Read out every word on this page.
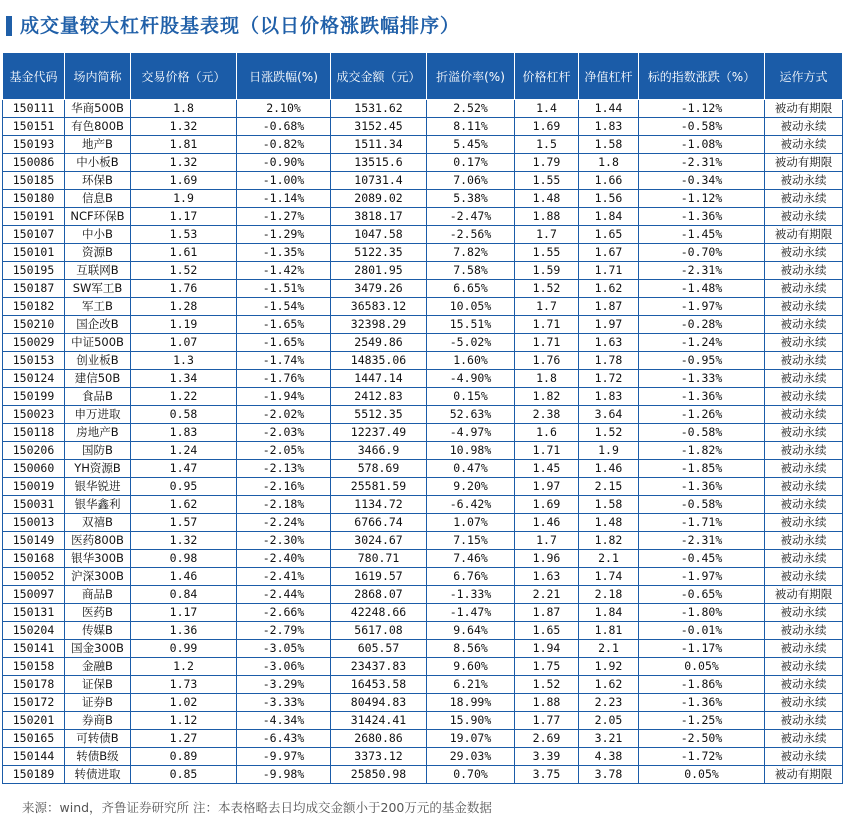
成交量较大杠杆股基表现（以日价格涨跌幅排序）
基金代码	场内简称	交易价格（元）	日涨跌幅(%)	成交金额（元）	折溢价率(%)	价格杠杆	净值杠杆	标的指数涨跌（%）	运作方式
150111	华商500B	1.8	2.10%	1531.62	2.52%	1.4	1.44	-1.12%	被动有期限
150151	有色800B	1.32	-0.68%	3152.45	8.11%	1.69	1.83	-0.58%	被动永续
150193	地产B	1.81	-0.82%	1511.34	5.45%	1.5	1.58	-1.08%	被动永续
150086	中小板B	1.32	-0.90%	13515.6	0.17%	1.79	1.8	-2.31%	被动有期限
150185	环保B	1.69	-1.00%	10731.4	7.06%	1.55	1.66	-0.34%	被动永续
150180	信息B	1.9	-1.14%	2089.02	5.38%	1.48	1.56	-1.12%	被动永续
150191	NCF环保B	1.17	-1.27%	3818.17	-2.47%	1.88	1.84	-1.36%	被动永续
150107	中小B	1.53	-1.29%	1047.58	-2.56%	1.7	1.65	-1.45%	被动有期限
150101	资源B	1.61	-1.35%	5122.35	7.82%	1.55	1.67	-0.70%	被动永续
150195	互联网B	1.52	-1.42%	2801.95	7.58%	1.59	1.71	-2.31%	被动永续
150187	SW军工B	1.76	-1.51%	3479.26	6.65%	1.52	1.62	-1.48%	被动永续
150182	军工B	1.28	-1.54%	36583.12	10.05%	1.7	1.87	-1.97%	被动永续
150210	国企改B	1.19	-1.65%	32398.29	15.51%	1.71	1.97	-0.28%	被动永续
150029	中证500B	1.07	-1.65%	2549.86	-5.02%	1.71	1.63	-1.24%	被动永续
150153	创业板B	1.3	-1.74%	14835.06	1.60%	1.76	1.78	-0.95%	被动永续
150124	建信50B	1.34	-1.76%	1447.14	-4.90%	1.8	1.72	-1.33%	被动永续
150199	食品B	1.22	-1.94%	2412.83	0.15%	1.82	1.83	-1.36%	被动永续
150023	申万进取	0.58	-2.02%	5512.35	52.63%	2.38	3.64	-1.26%	被动永续
150118	房地产B	1.83	-2.03%	12237.49	-4.97%	1.6	1.52	-0.58%	被动永续
150206	国防B	1.24	-2.05%	3466.9	10.98%	1.71	1.9	-1.82%	被动永续
150060	YH资源B	1.47	-2.13%	578.69	0.47%	1.45	1.46	-1.85%	被动永续
150019	银华锐进	0.95	-2.16%	25581.59	9.20%	1.97	2.15	-1.36%	被动永续
150031	银华鑫利	1.62	-2.18%	1134.72	-6.42%	1.69	1.58	-0.58%	被动永续
150013	双禧B	1.57	-2.24%	6766.74	1.07%	1.46	1.48	-1.71%	被动永续
150149	医药800B	1.32	-2.30%	3024.67	7.15%	1.7	1.82	-2.31%	被动永续
150168	银华300B	0.98	-2.40%	780.71	7.46%	1.96	2.1	-0.45%	被动永续
150052	沪深300B	1.46	-2.41%	1619.57	6.76%	1.63	1.74	-1.97%	被动永续
150097	商品B	0.84	-2.44%	2868.07	-1.33%	2.21	2.18	-0.65%	被动有期限
150131	医药B	1.17	-2.66%	42248.66	-1.47%	1.87	1.84	-1.80%	被动永续
150204	传媒B	1.36	-2.79%	5617.08	9.64%	1.65	1.81	-0.01%	被动永续
150141	国金300B	0.99	-3.05%	605.57	8.56%	1.94	2.1	-1.17%	被动永续
150158	金融B	1.2	-3.06%	23437.83	9.60%	1.75	1.92	0.05%	被动永续
150178	证保B	1.73	-3.29%	16453.58	6.21%	1.52	1.62	-1.86%	被动永续
150172	证券B	1.02	-3.33%	80494.83	18.99%	1.88	2.23	-1.36%	被动永续
150201	券商B	1.12	-4.34%	31424.41	15.90%	1.77	2.05	-1.25%	被动永续
150165	可转债B	1.27	-6.43%	2680.86	19.07%	2.69	3.21	-2.50%	被动永续
150144	转债B级	0.89	-9.97%	3373.12	29.03%	3.39	4.38	-1.72%	被动永续
150189	转债进取	0.85	-9.98%	25850.98	0.70%	3.75	3.78	0.05%	被动有期限
来源：wind，齐鲁证券研究所 注：本表格略去日均成交金额小于200万元的基金数据
